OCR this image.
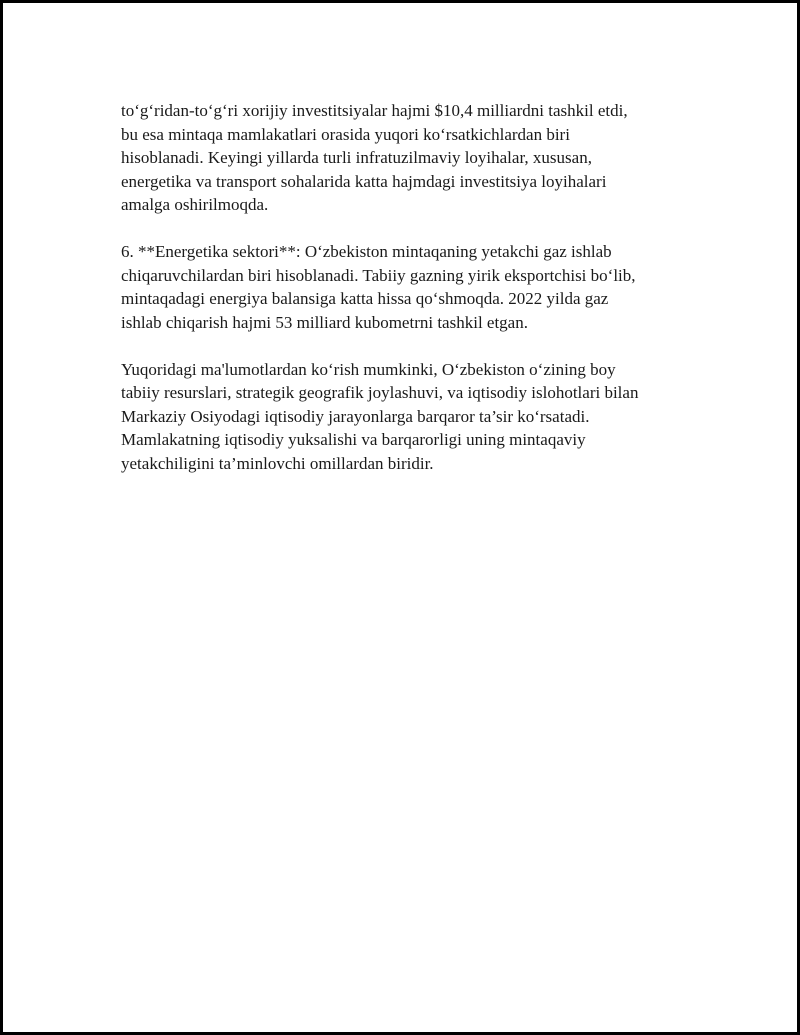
to‘g‘ridan-to‘g‘ri xorijiy investitsiyalar hajmi $10,4 milliardni tashkil etdi,
bu esa mintaqa mamlakatlari orasida yuqori ko‘rsatkichlardan biri
hisoblanadi. Keyingi yillarda turli infratuzilmaviy loyihalar, xususan,
energetika va transport sohalarida katta hajmdagi investitsiya loyihalari
amalga oshirilmoqda.

6. **Energetika sektori**: O‘zbekiston mintaqaning yetakchi gaz ishlab
chiqaruvchilardan biri hisoblanadi. Tabiiy gazning yirik eksportchisi bo‘lib,
mintaqadagi energiya balansiga katta hissa qo‘shmoqda. 2022 yilda gaz
ishlab chiqarish hajmi 53 milliard kubometrni tashkil etgan.

Yuqoridagi ma'lumotlardan ko‘rish mumkinki, O‘zbekiston o‘zining boy
tabiiy resurslari, strategik geografik joylashuvi, va iqtisodiy islohotlari bilan
Markaziy Osiyodagi iqtisodiy jarayonlarga barqaror ta’sir ko‘rsatadi.
Mamlakatning iqtisodiy yuksalishi va barqarorligi uning mintaqaviy
yetakchiligini ta’minlovchi omillardan biridir.
